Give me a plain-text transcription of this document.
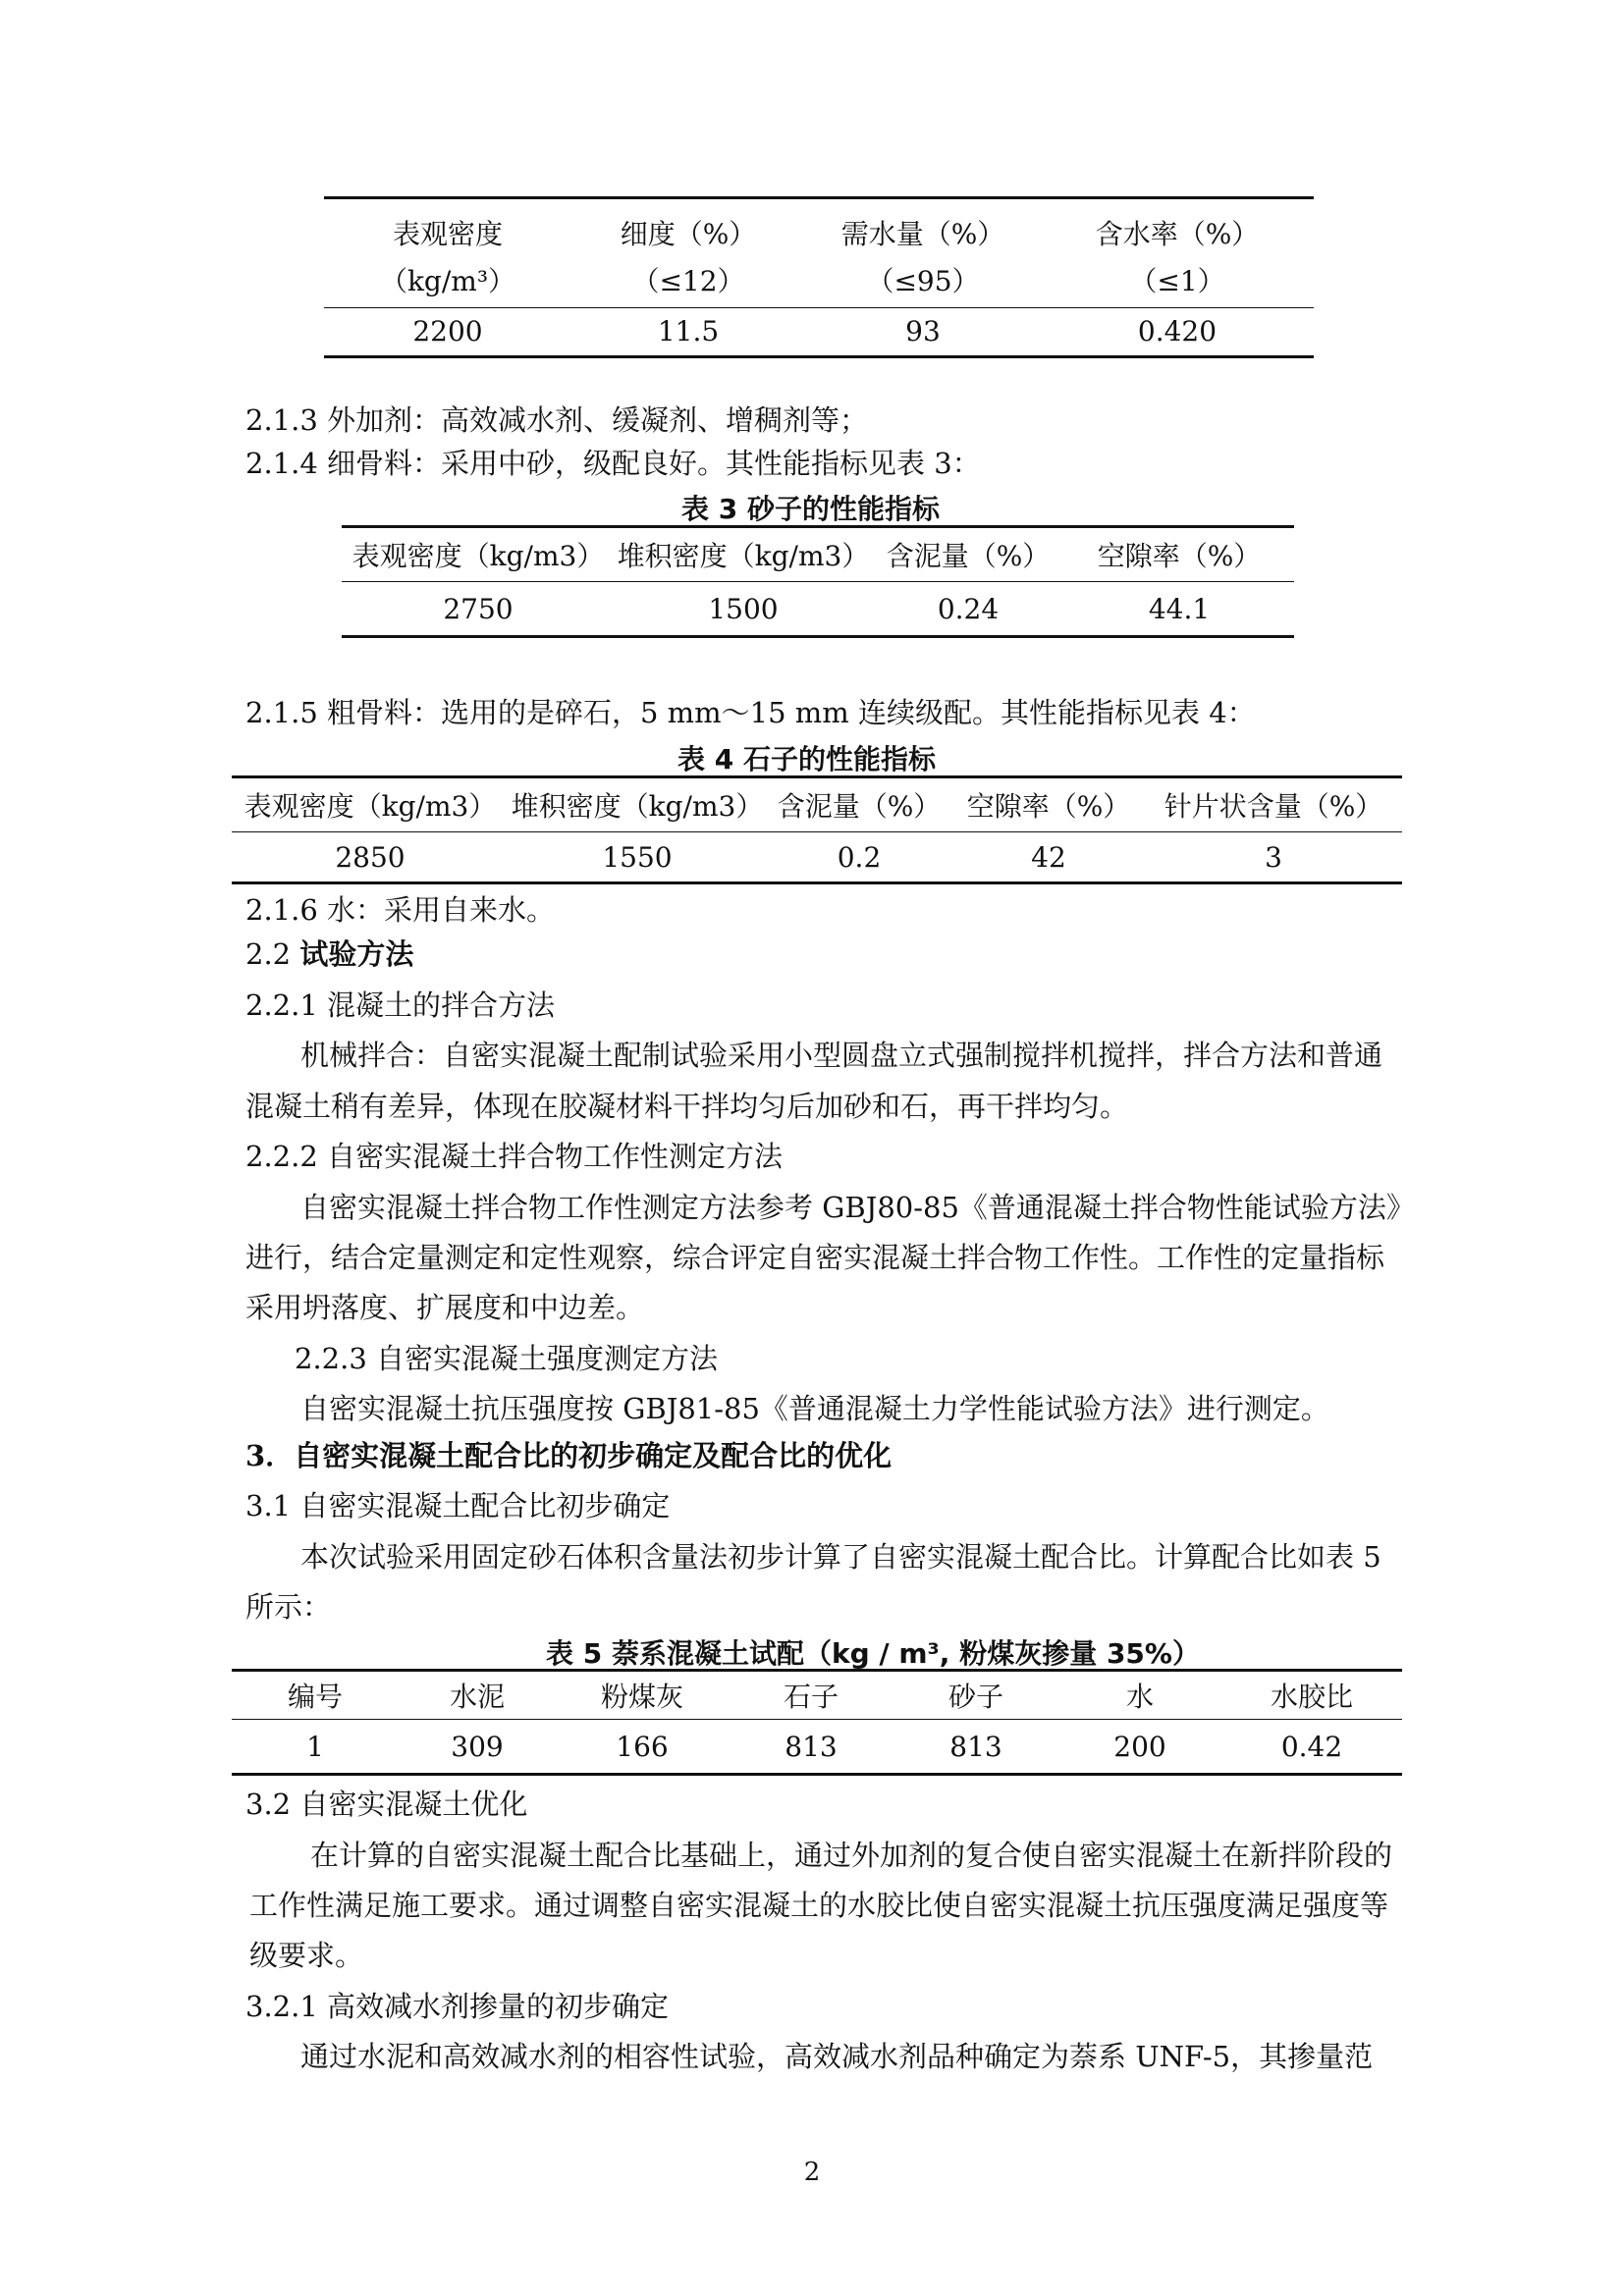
表观密度	细度（%）	需水量（%）	含水率（%）
（kg/m³）	（≤12）	（≤95）	（≤1）
2200	11.5	93	0.420
2.1.3 外加剂：高效减水剂、缓凝剂、增稠剂等；
2.1.4 细骨料：采用中砂，级配良好。其性能指标见表 3：
表 3 砂子的性能指标
表观密度（kg/m3）	堆积密度（kg/m3）	含泥量（%）	空隙率（%）
2750	1500	0.24	44.1
2.1.5 粗骨料：选用的是碎石，5 mm～15 mm 连续级配。其性能指标见表 4：
表 4 石子的性能指标
表观密度（kg/m3）	堆积密度（kg/m3）	含泥量（%）	空隙率（%）	针片状含量（%）
2850	1550	0.2	42	3
2.1.6 水：采用自来水。
2.2 试验方法
2.2.1 混凝土的拌合方法
机械拌合：自密实混凝土配制试验采用小型圆盘立式强制搅拌机搅拌，拌合方法和普通
混凝土稍有差异，体现在胶凝材料干拌均匀后加砂和石，再干拌均匀。
2.2.2 自密实混凝土拌合物工作性测定方法
自密实混凝土拌合物工作性测定方法参考 GBJ80-85《普通混凝土拌合物性能试验方法》
进行，结合定量测定和定性观察，综合评定自密实混凝土拌合物工作性。工作性的定量指标
采用坍落度、扩展度和中边差。
2.2.3 自密实混凝土强度测定方法
自密实混凝土抗压强度按 GBJ81-85《普通混凝土力学性能试验方法》进行测定。
3．自密实混凝土配合比的初步确定及配合比的优化
3.1 自密实混凝土配合比初步确定
本次试验采用固定砂石体积含量法初步计算了自密实混凝土配合比。计算配合比如表 5
所示：
表 5 萘系混凝土试配（kg / m³, 粉煤灰掺量 35%）
编号	水泥	粉煤灰	石子	砂子	水	水胶比
1	309	166	813	813	200	0.42
3.2 自密实混凝土优化
在计算的自密实混凝土配合比基础上，通过外加剂的复合使自密实混凝土在新拌阶段的
工作性满足施工要求。通过调整自密实混凝土的水胶比使自密实混凝土抗压强度满足强度等
级要求。
3.2.1 高效减水剂掺量的初步确定
通过水泥和高效减水剂的相容性试验，高效减水剂品种确定为萘系 UNF-5，其掺量范
2
